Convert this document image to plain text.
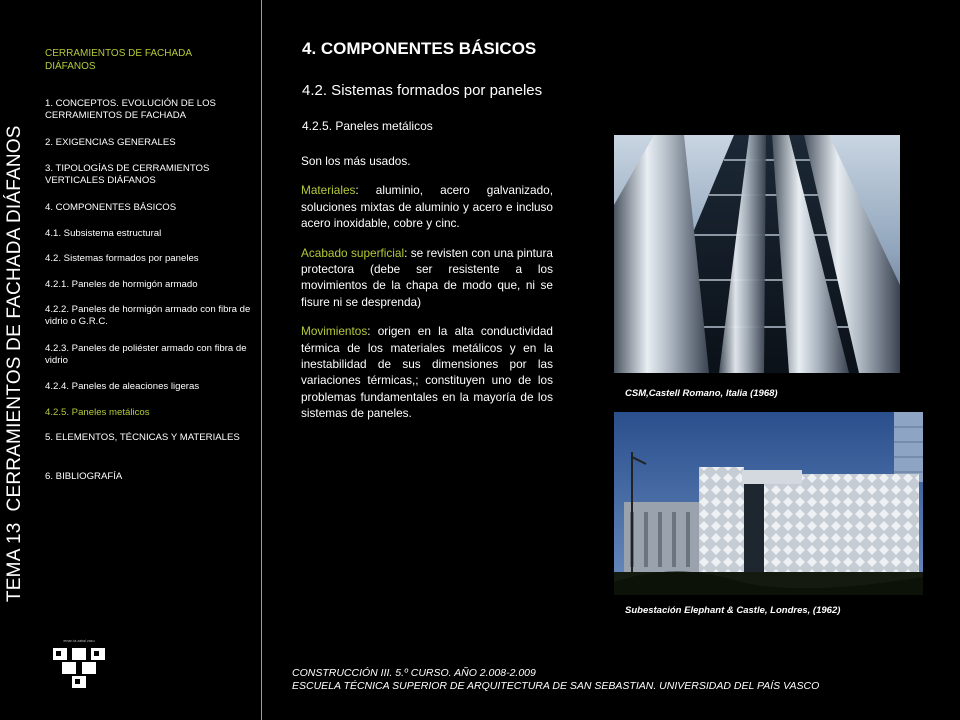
TEMA 13CERRAMIENTOS DE FACHADA DIÁFANOS
CERRAMIENTOS DE FACHADA DIÁFANOS
1. CONCEPTOS. EVOLUCIÓN DE LOS CERRAMIENTOS DE FACHADA
2. EXIGENCIAS GENERALES
3. TIPOLOGÍAS DE CERRAMIENTOS VERTICALES DIÁFANOS
4. COMPONENTES BÁSICOS
4.1. Subsistema estructural
4.2. Sistemas formados por paneles
4.2.1. Paneles de hormigón armado
4.2.2. Paneles de hormigón armado con fibra de vidrio o G.R.C.
4.2.3. Paneles de poliéster armado con fibra de vidrio
4.2.4. Paneles de aleaciones ligeras
4.2.5. Paneles metálicos
5. ELEMENTOS, TÉCNICAS Y MATERIALES
6. BIBLIOGRAFÍA
eman ta zabal zazu
4. COMPONENTES BÁSICOS
4.2. Sistemas formados por paneles
4.2.5. Paneles metálicos

Son los más usados.

Materiales: aluminio, acero galvanizado, soluciones mixtas de aluminio y acero e incluso acero inoxidable, cobre y cinc.

Acabado superficial: se revisten con una pintura protectora (debe ser resistente a los movimientos de la chapa de modo que, ni se fisure ni se desprenda)

Movimientos: origen en la alta conductividad térmica de los materiales metálicos y en la inestabilidad de sus dimensiones por las variaciones térmicas,; constituyen uno de los problemas fundamentales en la mayoría de los sistemas de paneles.

CSM,Castell Romano, Italia (1968)
Subestación Elephant & Castle, Londres, (1962)
CONSTRUCCIÓN III. 5.º CURSO. AÑO 2.008-2.009
ESCUELA TÉCNICA SUPERIOR DE ARQUITECTURA DE SAN SEBASTIAN. UNIVERSIDAD DEL PAÍS VASCO
